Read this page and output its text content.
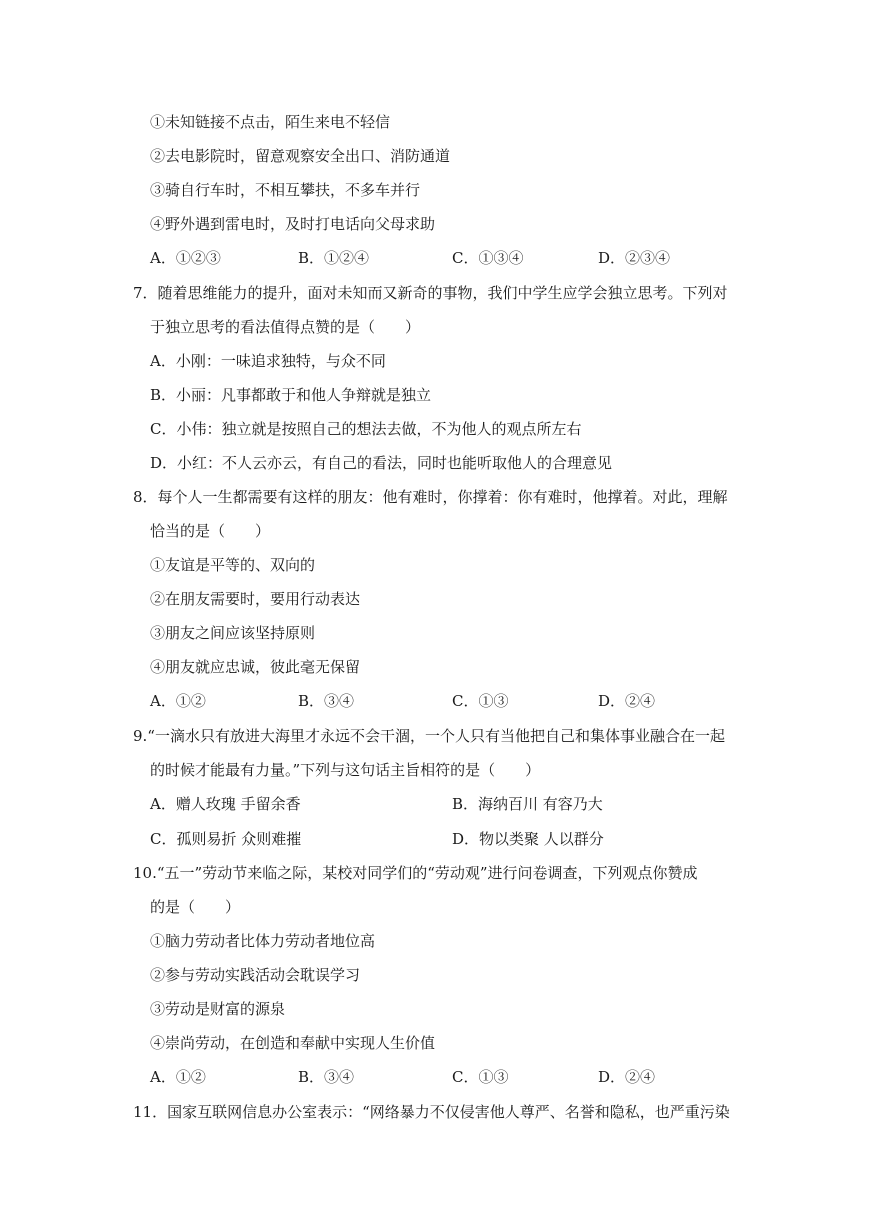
①未知链接不点击，陌生来电不轻信
②去电影院时，留意观察安全出口、消防通道
③骑自行车时，不相互攀扶，不多车并行
④野外遇到雷电时，及时打电话向父母求助
A．①②③	B．①②④	C．①③④	D．②③④
7．随着思维能力的提升，面对未知而又新奇的事物，我们中学生应学会独立思考。下列对
于独立思考的看法值得点赞的是（　　）
A．小刚：一味追求独特，与众不同
B．小丽：凡事都敢于和他人争辩就是独立
C．小伟：独立就是按照自己的想法去做，不为他人的观点所左右
D．小红：不人云亦云，有自己的看法，同时也能听取他人的合理意见
8．每个人一生都需要有这样的朋友：他有难时，你撑着：你有难时，他撑着。对此，理解
恰当的是（　　）
①友谊是平等的、双向的
②在朋友需要时，要用行动表达
③朋友之间应该坚持原则
④朋友就应忠诚，彼此毫无保留
A．①②	B．③④	C．①③	D．②④
9.“一滴水只有放进大海里才永远不会干涸，一个人只有当他把自己和集体事业融合在一起
的时候才能最有力量。”下列与这句话主旨相符的是（　　）
A．赠人玫瑰 手留余香	B．海纳百川 有容乃大
C．孤则易折 众则难摧	D．物以类聚 人以群分
10.“五一”劳动节来临之际，某校对同学们的“劳动观”进行问卷调查，下列观点你赞成
的是（　　）
①脑力劳动者比体力劳动者地位高
②参与劳动实践活动会耽误学习
③劳动是财富的源泉
④崇尚劳动，在创造和奉献中实现人生价值
A．①②	B．③④	C．①③	D．②④
11．国家互联网信息办公室表示：“网络暴力不仅侵害他人尊严、名誉和隐私，也严重污染
